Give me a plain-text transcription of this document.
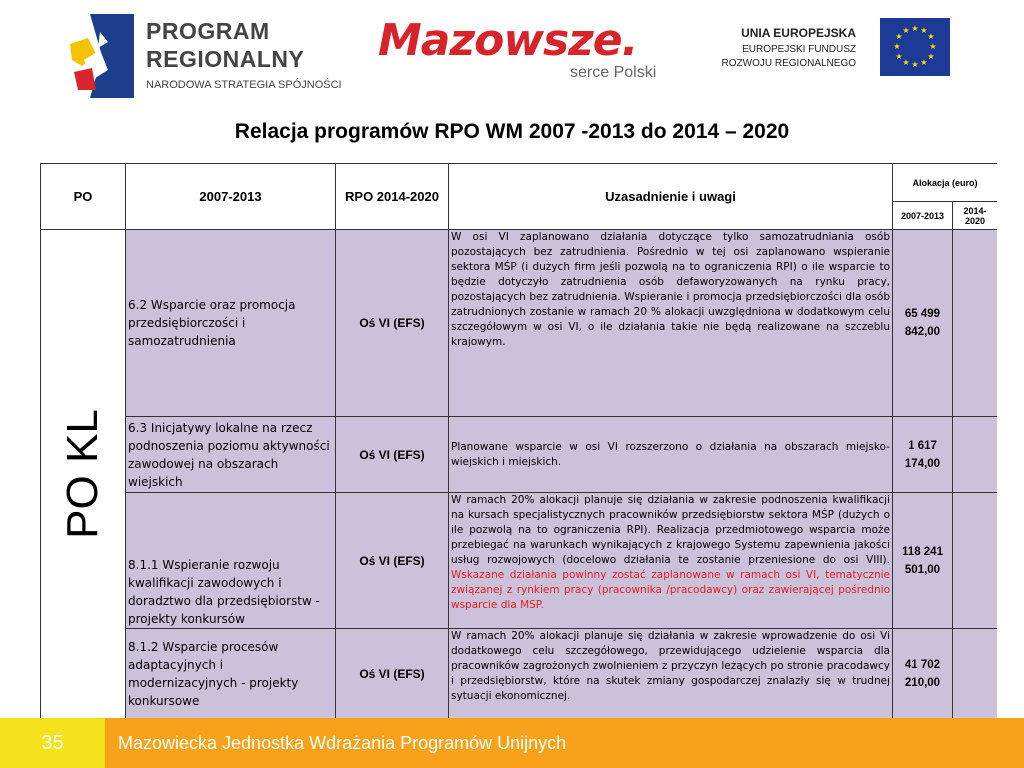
PROGRAM
REGIONALNY
NARODOWA STRATEGIA SPÓJNOŚCI
Mazowsze.
serce Polski
UNIA EUROPEJSKA
EUROPEJSKI FUNDUSZ
ROZWOJU REGIONALNEGO
★ ★
★
★
★
★
★
★
★
★
★
★
Relacja programów RPO WM 2007 -2013 do 2014 – 2020
PO	2007-2013	RPO 2014-2020	Uzasadnienie i uwagi	Alokacja (euro)	
				2007-2013	2014-2020

PO KL	6.2 Wsparcie oraz promocja przedsiębiorczości i samozatrudnienia	Oś VI (EFS)	W osi VI zaplanowano działania dotyczące tylko samozatrudniania osób pozostających bez zatrudnienia. Pośrednio w tej osi zaplanowano wspieranie sektora MŚP (i dużych firm jeśli pozwolą na to ograniczenia RPI) o ile wsparcie to będzie dotyczyło zatrudnienia osób defaworyzowanych na rynku pracy, pozostających bez zatrudnienia. Wspieranie i promocja przedsiębiorczości dla osób zatrudnionych zostanie w ramach 20 % alokacji uwzględniona w dodatkowym celu szczegółowym w osi VI, o ile działania takie nie będą realizowane na szczeblu krajowym.	65 499
842,00	
	6.3 Inicjatywy lokalne na rzecz podnoszenia poziomu aktywności zawodowej na obszarach wiejskich	Oś VI (EFS)	Planowane wsparcie w osi VI rozszerzono o działania na obszarach miejsko-wiejskich i miejskich.	1 617
174,00	
	8.1.1 Wspieranie rozwoju kwalifikacji zawodowych i doradztwo dla przedsiębiorstw - projekty konkursów	Oś VI (EFS)	W ramach 20% alokacji planuje się działania w zakresie podnoszenia kwalifikacji na kursach specjalistycznych pracowników przedsiębiorstw sektora MŚP (dużych o ile pozwolą na to ograniczenia RPI). Realizacja przedmiotowego wsparcia może przebiegać na warunkach wynikających z krajowego Systemu zapewnienia jakości usług rozwojowych (docelowo działania te zostanie przeniesione do osi VIII). Wskazane działania powinny zostać zaplanowane w ramach osi VI, tematycznie związanej z rynkiem pracy (pracownika /pracodawcy) oraz zawierającej pośrednio wsparcie dla MSP.	118 241
501,00	
	8.1.2 Wsparcie procesów adaptacyjnych i modernizacyjnych - projekty konkursowe	Oś VI (EFS)	W ramach 20% alokacji planuje się działania w zakresie wprowadzenie do osi Vi dodatkowego celu szczegółowego, przewidującego udzielenie wsparcia dla pracowników zagrożonych zwolnieniem z przyczyn leżących po stronie pracodawcy i przedsiębiorstw, które na skutek zmiany gospodarczej znalazły się w trudnej sytuacji ekonomicznej.	41 702
210,00	
35	Mazowiecka Jednostka Wdrażania Programów Unijnych
